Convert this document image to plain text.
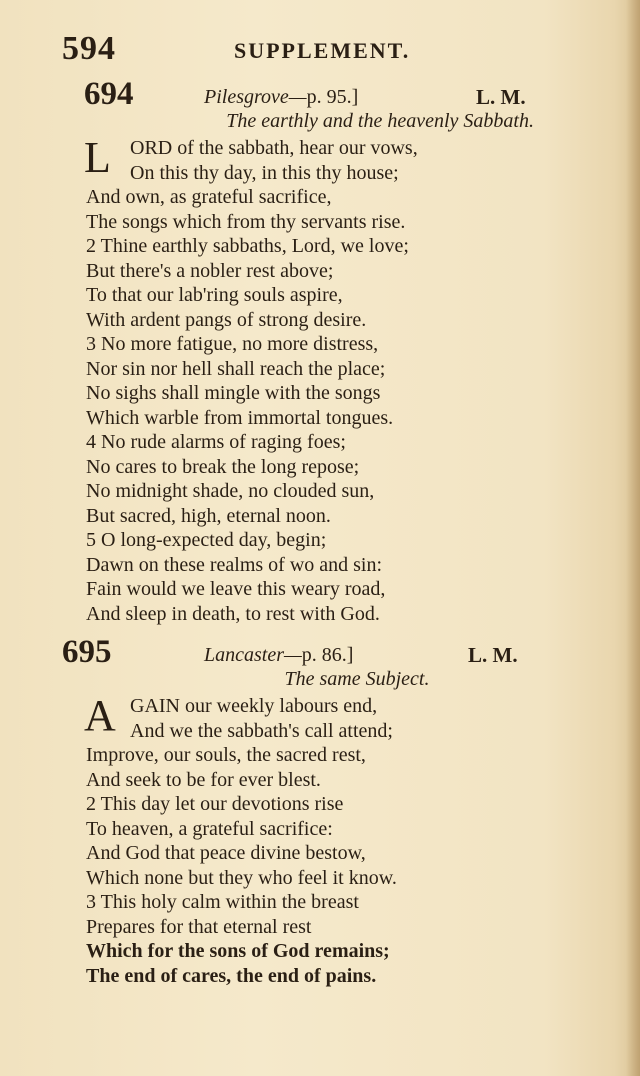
594	SUPPLEMENT.
694	Pilesgrove—p. 95.]	L. M.
The earthly and the heavenly Sabbath.
L ORD of the sabbath, hear our vows,
On this thy day, in this thy house;
And own, as grateful sacrifice,
The songs which from thy servants rise.
2 Thine earthly sabbaths, Lord, we love;
But there's a nobler rest above;
To that our lab'ring souls aspire,
With ardent pangs of strong desire.
3 No more fatigue, no more distress,
Nor sin nor hell shall reach the place;
No sighs shall mingle with the songs
Which warble from immortal tongues.
4 No rude alarms of raging foes;
No cares to break the long repose;
No midnight shade, no clouded sun,
But sacred, high, eternal noon.
5 O long-expected day, begin;
Dawn on these realms of wo and sin:
Fain would we leave this weary road,
And sleep in death, to rest with God.
695	Lancaster—p. 86.]	L. M.
The same Subject.
A GAIN our weekly labours end,
And we the sabbath's call attend;
Improve, our souls, the sacred rest,
And seek to be for ever blest.
2 This day let our devotions rise
To heaven, a grateful sacrifice:
And God that peace divine bestow,
Which none but they who feel it know.
3 This holy calm within the breast
Prepares for that eternal rest
Which for the sons of God remains;
The end of cares, the end of pains.
